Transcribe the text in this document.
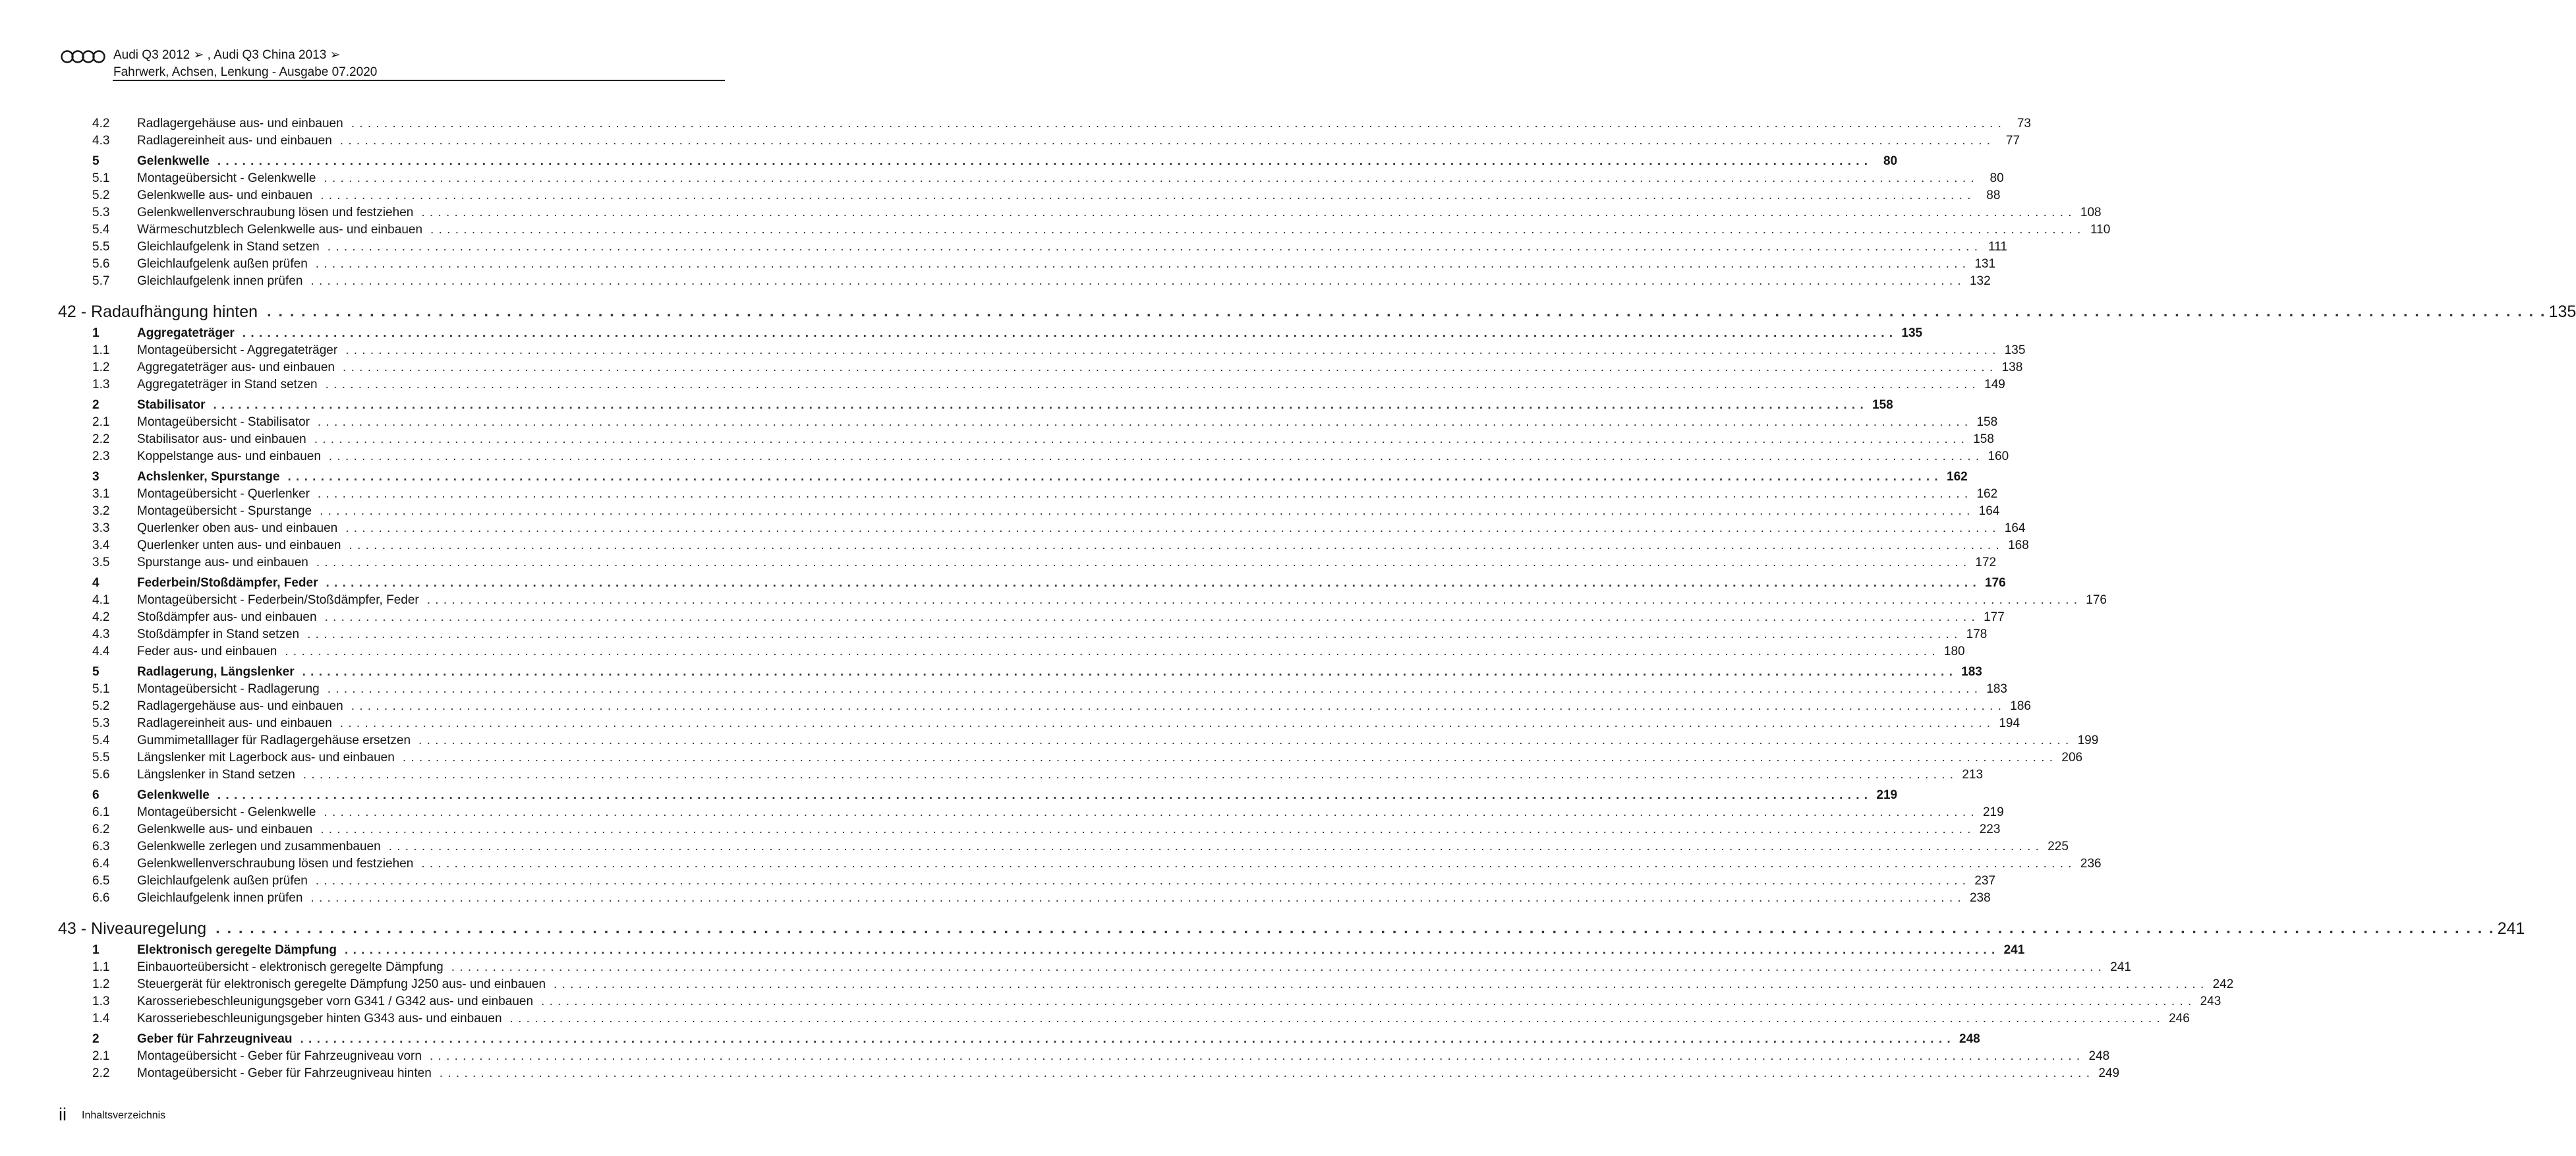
Audi Q3 2012 ➢ , Audi Q3 China 2013 ➢
Fahrwerk, Achsen, Lenkung - Ausgabe 07.2020
4.2	Radlagergehäuse aus- und einbauen . . . . . . . . . . . . . . . . . . . . . . . . . . . . . . . . . . . . . . . . . . . . . . . . . . . . . . . . . . . . . . . . . . . . . . . . . . . . . . . . . . . . . . . . . . . . . . . . . . . . . . . . . . . . . . . . . . . . . . . . . . . . . . . . . . . . . . . . . . . . . . . . . . . . . . . . . . . . . . . . . . . . . . . . . . . . . . . . . . . . . . . . . . . . . . . . . . . . . . . .	73
4.3	Radlagereinheit aus- und einbauen . . . . . . . . . . . . . . . . . . . . . . . . . . . . . . . . . . . . . . . . . . . . . . . . . . . . . . . . . . . . . . . . . . . . . . . . . . . . . . . . . . . . . . . . . . . . . . . . . . . . . . . . . . . . . . . . . . . . . . . . . . . . . . . . . . . . . . . . . . . . . . . . . . . . . . . . . . . . . . . . . . . . . . . . . . . . . . . . . . . . . . . . . . . . . . . . . . . . . . . .	77
5	Gelenkwelle . . . . . . . . . . . . . . . . . . . . . . . . . . . . . . . . . . . . . . . . . . . . . . . . . . . . . . . . . . . . . . . . . . . . . . . . . . . . . . . . . . . . . . . . . . . . . . . . . . . . . . . . . . . . . . . . . . . . . . . . . . . . . . . . . . . . . . . . . . . . . . . . . . . . . . . . . . . . . . . . . . . . . . . . . . . . . . . . . . . . . . . . . . . . . . . . . . . . . . . .	80
5.1	Montageübersicht - Gelenkwelle . . . . . . . . . . . . . . . . . . . . . . . . . . . . . . . . . . . . . . . . . . . . . . . . . . . . . . . . . . . . . . . . . . . . . . . . . . . . . . . . . . . . . . . . . . . . . . . . . . . . . . . . . . . . . . . . . . . . . . . . . . . . . . . . . . . . . . . . . . . . . . . . . . . . . . . . . . . . . . . . . . . . . . . . . . . . . . . . . . . . . . . . . . . . . . . . . . . . . . . .	80
5.2	Gelenkwelle aus- und einbauen . . . . . . . . . . . . . . . . . . . . . . . . . . . . . . . . . . . . . . . . . . . . . . . . . . . . . . . . . . . . . . . . . . . . . . . . . . . . . . . . . . . . . . . . . . . . . . . . . . . . . . . . . . . . . . . . . . . . . . . . . . . . . . . . . . . . . . . . . . . . . . . . . . . . . . . . . . . . . . . . . . . . . . . . . . . . . . . . . . . . . . . . . . . . . . . . . . . . . . . .	88
5.3	Gelenkwellenverschraubung lösen und festziehen . . . . . . . . . . . . . . . . . . . . . . . . . . . . . . . . . . . . . . . . . . . . . . . . . . . . . . . . . . . . . . . . . . . . . . . . . . . . . . . . . . . . . . . . . . . . . . . . . . . . . . . . . . . . . . . . . . . . . . . . . . . . . . . . . . . . . . . . . . . . . . . . . . . . . . . . . . . . . . . . . . . . . . . . . . . . . . . . . . . . . . . . . . . . . . . . . . . . . . . . 108
5.4	Wärmeschutzblech Gelenkwelle aus- und einbauen . . . . . . . . . . . . . . . . . . . . . . . . . . . . . . . . . . . . . . . . . . . . . . . . . . . . . . . . . . . . . . . . . . . . . . . . . . . . . . . . . . . . . . . . . . . . . . . . . . . . . . . . . . . . . . . . . . . . . . . . . . . . . . . . . . . . . . . . . . . . . . . . . . . . . . . . . . . . . . . . . . . . . . . . . . . . . . . . . . . . . . . . . . . . . . . . . . . . . . . . 110
5.5	Gleichlaufgelenk in Stand setzen . . . . . . . . . . . . . . . . . . . . . . . . . . . . . . . . . . . . . . . . . . . . . . . . . . . . . . . . . . . . . . . . . . . . . . . . . . . . . . . . . . . . . . . . . . . . . . . . . . . . . . . . . . . . . . . . . . . . . . . . . . . . . . . . . . . . . . . . . . . . . . . . . . . . . . . . . . . . . . . . . . . . . . . . . . . . . . . . . . . . . . . . . . . . . . . . . . . . . . . . 111
5.6	Gleichlaufgelenk außen prüfen . . . . . . . . . . . . . . . . . . . . . . . . . . . . . . . . . . . . . . . . . . . . . . . . . . . . . . . . . . . . . . . . . . . . . . . . . . . . . . . . . . . . . . . . . . . . . . . . . . . . . . . . . . . . . . . . . . . . . . . . . . . . . . . . . . . . . . . . . . . . . . . . . . . . . . . . . . . . . . . . . . . . . . . . . . . . . . . . . . . . . . . . . . . . . . . . . . . . . . . . 131
5.7	Gleichlaufgelenk innen prüfen . . . . . . . . . . . . . . . . . . . . . . . . . . . . . . . . . . . . . . . . . . . . . . . . . . . . . . . . . . . . . . . . . . . . . . . . . . . . . . . . . . . . . . . . . . . . . . . . . . . . . . . . . . . . . . . . . . . . . . . . . . . . . . . . . . . . . . . . . . . . . . . . . . . . . . . . . . . . . . . . . . . . . . . . . . . . . . . . . . . . . . . . . . . . . . . . . . . . . . . . 132
42 - Radaufhängung hinten . . . . . . . . . . . . . . . . . . . . . . . . . . . . . . . . . . . . . . . . . . . . . . . . . . . . . . . . . . . . . . . . . . . . . . . . . . . . . . . . . . . . . . . . . . . . . . . . . . . . . . . . . . . . . . . . . . . . . . . . . . . . . . . . . . . . . . . . . . . . . . . . . . . . . . . . . . . . . . . . . . . . . . . . . . . . . . . . . . . . . . . . . . . . . . . . . . . . . . . . 135
1	Aggregateträger . . . . . . . . . . . . . . . . . . . . . . . . . . . . . . . . . . . . . . . . . . . . . . . . . . . . . . . . . . . . . . . . . . . . . . . . . . . . . . . . . . . . . . . . . . . . . . . . . . . . . . . . . . . . . . . . . . . . . . . . . . . . . . . . . . . . . . . . . . . . . . . . . . . . . . . . . . . . . . . . . . . . . . . . . . . . . . . . . . . . . . . . . . . . . . . . . . . . . . . . 135
1.1	Montageübersicht - Aggregateträger . . . . . . . . . . . . . . . . . . . . . . . . . . . . . . . . . . . . . . . . . . . . . . . . . . . . . . . . . . . . . . . . . . . . . . . . . . . . . . . . . . . . . . . . . . . . . . . . . . . . . . . . . . . . . . . . . . . . . . . . . . . . . . . . . . . . . . . . . . . . . . . . . . . . . . . . . . . . . . . . . . . . . . . . . . . . . . . . . . . . . . . . . . . . . . . . . . . . . . . . 135
1.2	Aggregateträger aus- und einbauen . . . . . . . . . . . . . . . . . . . . . . . . . . . . . . . . . . . . . . . . . . . . . . . . . . . . . . . . . . . . . . . . . . . . . . . . . . . . . . . . . . . . . . . . . . . . . . . . . . . . . . . . . . . . . . . . . . . . . . . . . . . . . . . . . . . . . . . . . . . . . . . . . . . . . . . . . . . . . . . . . . . . . . . . . . . . . . . . . . . . . . . . . . . . . . . . . . . . . . . . 138
1.3	Aggregateträger in Stand setzen . . . . . . . . . . . . . . . . . . . . . . . . . . . . . . . . . . . . . . . . . . . . . . . . . . . . . . . . . . . . . . . . . . . . . . . . . . . . . . . . . . . . . . . . . . . . . . . . . . . . . . . . . . . . . . . . . . . . . . . . . . . . . . . . . . . . . . . . . . . . . . . . . . . . . . . . . . . . . . . . . . . . . . . . . . . . . . . . . . . . . . . . . . . . . . . . . . . . . . . . 149
2	Stabilisator . . . . . . . . . . . . . . . . . . . . . . . . . . . . . . . . . . . . . . . . . . . . . . . . . . . . . . . . . . . . . . . . . . . . . . . . . . . . . . . . . . . . . . . . . . . . . . . . . . . . . . . . . . . . . . . . . . . . . . . . . . . . . . . . . . . . . . . . . . . . . . . . . . . . . . . . . . . . . . . . . . . . . . . . . . . . . . . . . . . . . . . . . . . . . . . . . . . . . . . . 158
2.1	Montageübersicht - Stabilisator . . . . . . . . . . . . . . . . . . . . . . . . . . . . . . . . . . . . . . . . . . . . . . . . . . . . . . . . . . . . . . . . . . . . . . . . . . . . . . . . . . . . . . . . . . . . . . . . . . . . . . . . . . . . . . . . . . . . . . . . . . . . . . . . . . . . . . . . . . . . . . . . . . . . . . . . . . . . . . . . . . . . . . . . . . . . . . . . . . . . . . . . . . . . . . . . . . . . . . . . 158
2.2	Stabilisator aus- und einbauen . . . . . . . . . . . . . . . . . . . . . . . . . . . . . . . . . . . . . . . . . . . . . . . . . . . . . . . . . . . . . . . . . . . . . . . . . . . . . . . . . . . . . . . . . . . . . . . . . . . . . . . . . . . . . . . . . . . . . . . . . . . . . . . . . . . . . . . . . . . . . . . . . . . . . . . . . . . . . . . . . . . . . . . . . . . . . . . . . . . . . . . . . . . . . . . . . . . . . . . . 158
2.3	Koppelstange aus- und einbauen . . . . . . . . . . . . . . . . . . . . . . . . . . . . . . . . . . . . . . . . . . . . . . . . . . . . . . . . . . . . . . . . . . . . . . . . . . . . . . . . . . . . . . . . . . . . . . . . . . . . . . . . . . . . . . . . . . . . . . . . . . . . . . . . . . . . . . . . . . . . . . . . . . . . . . . . . . . . . . . . . . . . . . . . . . . . . . . . . . . . . . . . . . . . . . . . . . . . . . . . 160
3	Achslenker, Spurstange . . . . . . . . . . . . . . . . . . . . . . . . . . . . . . . . . . . . . . . . . . . . . . . . . . . . . . . . . . . . . . . . . . . . . . . . . . . . . . . . . . . . . . . . . . . . . . . . . . . . . . . . . . . . . . . . . . . . . . . . . . . . . . . . . . . . . . . . . . . . . . . . . . . . . . . . . . . . . . . . . . . . . . . . . . . . . . . . . . . . . . . . . . . . . . . . . . . . . . . . 162
3.1	Montageübersicht - Querlenker . . . . . . . . . . . . . . . . . . . . . . . . . . . . . . . . . . . . . . . . . . . . . . . . . . . . . . . . . . . . . . . . . . . . . . . . . . . . . . . . . . . . . . . . . . . . . . . . . . . . . . . . . . . . . . . . . . . . . . . . . . . . . . . . . . . . . . . . . . . . . . . . . . . . . . . . . . . . . . . . . . . . . . . . . . . . . . . . . . . . . . . . . . . . . . . . . . . . . . . . 162
3.2	Montageübersicht - Spurstange . . . . . . . . . . . . . . . . . . . . . . . . . . . . . . . . . . . . . . . . . . . . . . . . . . . . . . . . . . . . . . . . . . . . . . . . . . . . . . . . . . . . . . . . . . . . . . . . . . . . . . . . . . . . . . . . . . . . . . . . . . . . . . . . . . . . . . . . . . . . . . . . . . . . . . . . . . . . . . . . . . . . . . . . . . . . . . . . . . . . . . . . . . . . . . . . . . . . . . . . 164
3.3	Querlenker oben aus- und einbauen . . . . . . . . . . . . . . . . . . . . . . . . . . . . . . . . . . . . . . . . . . . . . . . . . . . . . . . . . . . . . . . . . . . . . . . . . . . . . . . . . . . . . . . . . . . . . . . . . . . . . . . . . . . . . . . . . . . . . . . . . . . . . . . . . . . . . . . . . . . . . . . . . . . . . . . . . . . . . . . . . . . . . . . . . . . . . . . . . . . . . . . . . . . . . . . . . . . . . . . . 164
3.4	Querlenker unten aus- und einbauen . . . . . . . . . . . . . . . . . . . . . . . . . . . . . . . . . . . . . . . . . . . . . . . . . . . . . . . . . . . . . . . . . . . . . . . . . . . . . . . . . . . . . . . . . . . . . . . . . . . . . . . . . . . . . . . . . . . . . . . . . . . . . . . . . . . . . . . . . . . . . . . . . . . . . . . . . . . . . . . . . . . . . . . . . . . . . . . . . . . . . . . . . . . . . . . . . . . . . . . . 168
3.5	Spurstange aus- und einbauen . . . . . . . . . . . . . . . . . . . . . . . . . . . . . . . . . . . . . . . . . . . . . . . . . . . . . . . . . . . . . . . . . . . . . . . . . . . . . . . . . . . . . . . . . . . . . . . . . . . . . . . . . . . . . . . . . . . . . . . . . . . . . . . . . . . . . . . . . . . . . . . . . . . . . . . . . . . . . . . . . . . . . . . . . . . . . . . . . . . . . . . . . . . . . . . . . . . . . . . . 172
4	Federbein/Stoßdämpfer, Feder . . . . . . . . . . . . . . . . . . . . . . . . . . . . . . . . . . . . . . . . . . . . . . . . . . . . . . . . . . . . . . . . . . . . . . . . . . . . . . . . . . . . . . . . . . . . . . . . . . . . . . . . . . . . . . . . . . . . . . . . . . . . . . . . . . . . . . . . . . . . . . . . . . . . . . . . . . . . . . . . . . . . . . . . . . . . . . . . . . . . . . . . . . . . . . . . . . . . . . . . 176
4.1	Montageübersicht - Federbein/Stoßdämpfer, Feder . . . . . . . . . . . . . . . . . . . . . . . . . . . . . . . . . . . . . . . . . . . . . . . . . . . . . . . . . . . . . . . . . . . . . . . . . . . . . . . . . . . . . . . . . . . . . . . . . . . . . . . . . . . . . . . . . . . . . . . . . . . . . . . . . . . . . . . . . . . . . . . . . . . . . . . . . . . . . . . . . . . . . . . . . . . . . . . . . . . . . . . . . . . . . . . . . . . . . . . . 176
4.2	Stoßdämpfer aus- und einbauen . . . . . . . . . . . . . . . . . . . . . . . . . . . . . . . . . . . . . . . . . . . . . . . . . . . . . . . . . . . . . . . . . . . . . . . . . . . . . . . . . . . . . . . . . . . . . . . . . . . . . . . . . . . . . . . . . . . . . . . . . . . . . . . . . . . . . . . . . . . . . . . . . . . . . . . . . . . . . . . . . . . . . . . . . . . . . . . . . . . . . . . . . . . . . . . . . . . . . . . . 177
4.3	Stoßdämpfer in Stand setzen . . . . . . . . . . . . . . . . . . . . . . . . . . . . . . . . . . . . . . . . . . . . . . . . . . . . . . . . . . . . . . . . . . . . . . . . . . . . . . . . . . . . . . . . . . . . . . . . . . . . . . . . . . . . . . . . . . . . . . . . . . . . . . . . . . . . . . . . . . . . . . . . . . . . . . . . . . . . . . . . . . . . . . . . . . . . . . . . . . . . . . . . . . . . . . . . . . . . . . . . 178
4.4	Feder aus- und einbauen . . . . . . . . . . . . . . . . . . . . . . . . . . . . . . . . . . . . . . . . . . . . . . . . . . . . . . . . . . . . . . . . . . . . . . . . . . . . . . . . . . . . . . . . . . . . . . . . . . . . . . . . . . . . . . . . . . . . . . . . . . . . . . . . . . . . . . . . . . . . . . . . . . . . . . . . . . . . . . . . . . . . . . . . . . . . . . . . . . . . . . . . . . . . . . . . . . . . . . . . 180
5	Radlagerung, Längslenker . . . . . . . . . . . . . . . . . . . . . . . . . . . . . . . . . . . . . . . . . . . . . . . . . . . . . . . . . . . . . . . . . . . . . . . . . . . . . . . . . . . . . . . . . . . . . . . . . . . . . . . . . . . . . . . . . . . . . . . . . . . . . . . . . . . . . . . . . . . . . . . . . . . . . . . . . . . . . . . . . . . . . . . . . . . . . . . . . . . . . . . . . . . . . . . . . . . . . . . . 183
5.1	Montageübersicht - Radlagerung . . . . . . . . . . . . . . . . . . . . . . . . . . . . . . . . . . . . . . . . . . . . . . . . . . . . . . . . . . . . . . . . . . . . . . . . . . . . . . . . . . . . . . . . . . . . . . . . . . . . . . . . . . . . . . . . . . . . . . . . . . . . . . . . . . . . . . . . . . . . . . . . . . . . . . . . . . . . . . . . . . . . . . . . . . . . . . . . . . . . . . . . . . . . . . . . . . . . . . . . 183
5.2	Radlagergehäuse aus- und einbauen . . . . . . . . . . . . . . . . . . . . . . . . . . . . . . . . . . . . . . . . . . . . . . . . . . . . . . . . . . . . . . . . . . . . . . . . . . . . . . . . . . . . . . . . . . . . . . . . . . . . . . . . . . . . . . . . . . . . . . . . . . . . . . . . . . . . . . . . . . . . . . . . . . . . . . . . . . . . . . . . . . . . . . . . . . . . . . . . . . . . . . . . . . . . . . . . . . . . . . . . 186
5.3	Radlagereinheit aus- und einbauen . . . . . . . . . . . . . . . . . . . . . . . . . . . . . . . . . . . . . . . . . . . . . . . . . . . . . . . . . . . . . . . . . . . . . . . . . . . . . . . . . . . . . . . . . . . . . . . . . . . . . . . . . . . . . . . . . . . . . . . . . . . . . . . . . . . . . . . . . . . . . . . . . . . . . . . . . . . . . . . . . . . . . . . . . . . . . . . . . . . . . . . . . . . . . . . . . . . . . . . . 194
5.4	Gummimetalllager für Radlagergehäuse ersetzen . . . . . . . . . . . . . . . . . . . . . . . . . . . . . . . . . . . . . . . . . . . . . . . . . . . . . . . . . . . . . . . . . . . . . . . . . . . . . . . . . . . . . . . . . . . . . . . . . . . . . . . . . . . . . . . . . . . . . . . . . . . . . . . . . . . . . . . . . . . . . . . . . . . . . . . . . . . . . . . . . . . . . . . . . . . . . . . . . . . . . . . . . . . . . . . . . . . . . . . . 199
5.5	Längslenker mit Lagerbock aus- und einbauen . . . . . . . . . . . . . . . . . . . . . . . . . . . . . . . . . . . . . . . . . . . . . . . . . . . . . . . . . . . . . . . . . . . . . . . . . . . . . . . . . . . . . . . . . . . . . . . . . . . . . . . . . . . . . . . . . . . . . . . . . . . . . . . . . . . . . . . . . . . . . . . . . . . . . . . . . . . . . . . . . . . . . . . . . . . . . . . . . . . . . . . . . . . . . . . . . . . . . . . . 206
5.6	Längslenker in Stand setzen . . . . . . . . . . . . . . . . . . . . . . . . . . . . . . . . . . . . . . . . . . . . . . . . . . . . . . . . . . . . . . . . . . . . . . . . . . . . . . . . . . . . . . . . . . . . . . . . . . . . . . . . . . . . . . . . . . . . . . . . . . . . . . . . . . . . . . . . . . . . . . . . . . . . . . . . . . . . . . . . . . . . . . . . . . . . . . . . . . . . . . . . . . . . . . . . . . . . . . . . 213
6	Gelenkwelle . . . . . . . . . . . . . . . . . . . . . . . . . . . . . . . . . . . . . . . . . . . . . . . . . . . . . . . . . . . . . . . . . . . . . . . . . . . . . . . . . . . . . . . . . . . . . . . . . . . . . . . . . . . . . . . . . . . . . . . . . . . . . . . . . . . . . . . . . . . . . . . . . . . . . . . . . . . . . . . . . . . . . . . . . . . . . . . . . . . . . . . . . . . . . . . . . . . . . . . . 219
6.1	Montageübersicht - Gelenkwelle . . . . . . . . . . . . . . . . . . . . . . . . . . . . . . . . . . . . . . . . . . . . . . . . . . . . . . . . . . . . . . . . . . . . . . . . . . . . . . . . . . . . . . . . . . . . . . . . . . . . . . . . . . . . . . . . . . . . . . . . . . . . . . . . . . . . . . . . . . . . . . . . . . . . . . . . . . . . . . . . . . . . . . . . . . . . . . . . . . . . . . . . . . . . . . . . . . . . . . . . 219
6.2	Gelenkwelle aus- und einbauen . . . . . . . . . . . . . . . . . . . . . . . . . . . . . . . . . . . . . . . . . . . . . . . . . . . . . . . . . . . . . . . . . . . . . . . . . . . . . . . . . . . . . . . . . . . . . . . . . . . . . . . . . . . . . . . . . . . . . . . . . . . . . . . . . . . . . . . . . . . . . . . . . . . . . . . . . . . . . . . . . . . . . . . . . . . . . . . . . . . . . . . . . . . . . . . . . . . . . . . . 223
6.3	Gelenkwelle zerlegen und zusammenbauen . . . . . . . . . . . . . . . . . . . . . . . . . . . . . . . . . . . . . . . . . . . . . . . . . . . . . . . . . . . . . . . . . . . . . . . . . . . . . . . . . . . . . . . . . . . . . . . . . . . . . . . . . . . . . . . . . . . . . . . . . . . . . . . . . . . . . . . . . . . . . . . . . . . . . . . . . . . . . . . . . . . . . . . . . . . . . . . . . . . . . . . . . . . . . . . . . . . . . . . . 225
6.4	Gelenkwellenverschraubung lösen und festziehen . . . . . . . . . . . . . . . . . . . . . . . . . . . . . . . . . . . . . . . . . . . . . . . . . . . . . . . . . . . . . . . . . . . . . . . . . . . . . . . . . . . . . . . . . . . . . . . . . . . . . . . . . . . . . . . . . . . . . . . . . . . . . . . . . . . . . . . . . . . . . . . . . . . . . . . . . . . . . . . . . . . . . . . . . . . . . . . . . . . . . . . . . . . . . . . . . . . . . . . . 236
6.5	Gleichlaufgelenk außen prüfen . . . . . . . . . . . . . . . . . . . . . . . . . . . . . . . . . . . . . . . . . . . . . . . . . . . . . . . . . . . . . . . . . . . . . . . . . . . . . . . . . . . . . . . . . . . . . . . . . . . . . . . . . . . . . . . . . . . . . . . . . . . . . . . . . . . . . . . . . . . . . . . . . . . . . . . . . . . . . . . . . . . . . . . . . . . . . . . . . . . . . . . . . . . . . . . . . . . . . . . . 237
6.6	Gleichlaufgelenk innen prüfen . . . . . . . . . . . . . . . . . . . . . . . . . . . . . . . . . . . . . . . . . . . . . . . . . . . . . . . . . . . . . . . . . . . . . . . . . . . . . . . . . . . . . . . . . . . . . . . . . . . . . . . . . . . . . . . . . . . . . . . . . . . . . . . . . . . . . . . . . . . . . . . . . . . . . . . . . . . . . . . . . . . . . . . . . . . . . . . . . . . . . . . . . . . . . . . . . . . . . . . . 238
43 - Niveauregelung . . . . . . . . . . . . . . . . . . . . . . . . . . . . . . . . . . . . . . . . . . . . . . . . . . . . . . . . . . . . . . . . . . . . . . . . . . . . . . . . . . . . . . . . . . . . . . . . . . . . . . . . . . . . . . . . . . . . . . . . . . . . . . . . . . . . . . . . . . . . . . . . . . . . . . . . . . . . . . . . . . . . . . . . . . . . . . . . . . . . . . . . . . . . . . . . . . . . . . . . 241
1	Elektronisch geregelte Dämpfung . . . . . . . . . . . . . . . . . . . . . . . . . . . . . . . . . . . . . . . . . . . . . . . . . . . . . . . . . . . . . . . . . . . . . . . . . . . . . . . . . . . . . . . . . . . . . . . . . . . . . . . . . . . . . . . . . . . . . . . . . . . . . . . . . . . . . . . . . . . . . . . . . . . . . . . . . . . . . . . . . . . . . . . . . . . . . . . . . . . . . . . . . . . . . . . . . . . . . . . . 241
1.1	Einbauorteübersicht - elektronisch geregelte Dämpfung . . . . . . . . . . . . . . . . . . . . . . . . . . . . . . . . . . . . . . . . . . . . . . . . . . . . . . . . . . . . . . . . . . . . . . . . . . . . . . . . . . . . . . . . . . . . . . . . . . . . . . . . . . . . . . . . . . . . . . . . . . . . . . . . . . . . . . . . . . . . . . . . . . . . . . . . . . . . . . . . . . . . . . . . . . . . . . . . . . . . . . . . . . . . . . . . . . . . . . . . 241
1.2	Steuergerät für elektronisch geregelte Dämpfung J250 aus- und einbauen . . . . . . . . . . . . . . . . . . . . . . . . . . . . . . . . . . . . . . . . . . . . . . . . . . . . . . . . . . . . . . . . . . . . . . . . . . . . . . . . . . . . . . . . . . . . . . . . . . . . . . . . . . . . . . . . . . . . . . . . . . . . . . . . . . . . . . . . . . . . . . . . . . . . . . . . . . . . . . . . . . . . . . . . . . . . . . . . . . . . . . . . . . . . . . . . . . . . . . . . 242
1.3	Karosseriebeschleunigungsgeber vorn G341 / G342 aus- und einbauen . . . . . . . . . . . . . . . . . . . . . . . . . . . . . . . . . . . . . . . . . . . . . . . . . . . . . . . . . . . . . . . . . . . . . . . . . . . . . . . . . . . . . . . . . . . . . . . . . . . . . . . . . . . . . . . . . . . . . . . . . . . . . . . . . . . . . . . . . . . . . . . . . . . . . . . . . . . . . . . . . . . . . . . . . . . . . . . . . . . . . . . . . . . . . . . . . . . . . . . . 243
1.4	Karosseriebeschleunigungsgeber hinten G343 aus- und einbauen . . . . . . . . . . . . . . . . . . . . . . . . . . . . . . . . . . . . . . . . . . . . . . . . . . . . . . . . . . . . . . . . . . . . . . . . . . . . . . . . . . . . . . . . . . . . . . . . . . . . . . . . . . . . . . . . . . . . . . . . . . . . . . . . . . . . . . . . . . . . . . . . . . . . . . . . . . . . . . . . . . . . . . . . . . . . . . . . . . . . . . . . . . . . . . . . . . . . . . . . 246
2	Geber für Fahrzeugniveau . . . . . . . . . . . . . . . . . . . . . . . . . . . . . . . . . . . . . . . . . . . . . . . . . . . . . . . . . . . . . . . . . . . . . . . . . . . . . . . . . . . . . . . . . . . . . . . . . . . . . . . . . . . . . . . . . . . . . . . . . . . . . . . . . . . . . . . . . . . . . . . . . . . . . . . . . . . . . . . . . . . . . . . . . . . . . . . . . . . . . . . . . . . . . . . . . . . . . . . . 248
2.1	Montageübersicht - Geber für Fahrzeugniveau vorn . . . . . . . . . . . . . . . . . . . . . . . . . . . . . . . . . . . . . . . . . . . . . . . . . . . . . . . . . . . . . . . . . . . . . . . . . . . . . . . . . . . . . . . . . . . . . . . . . . . . . . . . . . . . . . . . . . . . . . . . . . . . . . . . . . . . . . . . . . . . . . . . . . . . . . . . . . . . . . . . . . . . . . . . . . . . . . . . . . . . . . . . . . . . . . . . . . . . . . . . 248
2.2	Montageübersicht - Geber für Fahrzeugniveau hinten . . . . . . . . . . . . . . . . . . . . . . . . . . . . . . . . . . . . . . . . . . . . . . . . . . . . . . . . . . . . . . . . . . . . . . . . . . . . . . . . . . . . . . . . . . . . . . . . . . . . . . . . . . . . . . . . . . . . . . . . . . . . . . . . . . . . . . . . . . . . . . . . . . . . . . . . . . . . . . . . . . . . . . . . . . . . . . . . . . . . . . . . . . . . . . . . . . . . . . . . 249
ii Inhaltsverzeichnis
